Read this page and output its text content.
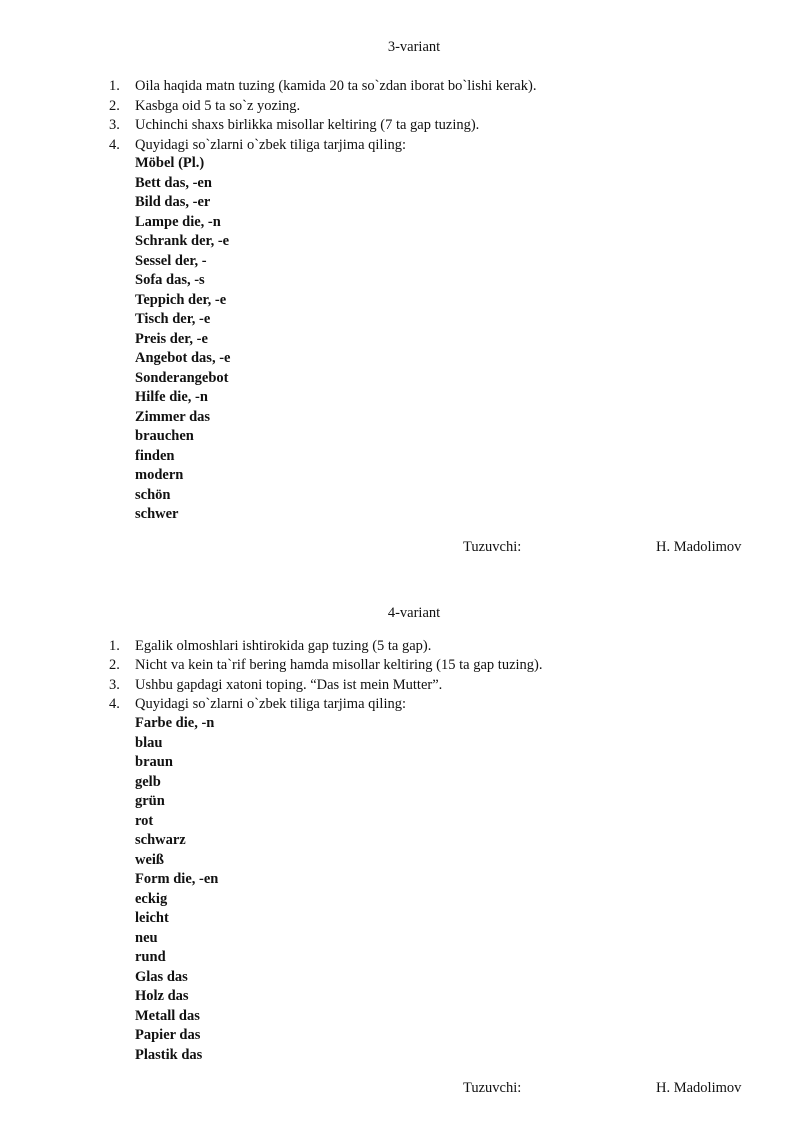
3-variant
1. Oila haqida matn tuzing (kamida 20 ta so`zdan iborat bo`lishi kerak).
2. Kasbga oid 5 ta so`z yozing.
3. Uchinchi shaxs birlikka misollar keltiring (7 ta gap tuzing).
4. Quyidagi so`zlarni o`zbek tiliga tarjima qiling:
Möbel (Pl.)
Bett das, -en
Bild das, -er
Lampe die, -n
Schrank der, -e
Sessel der, -
Sofa das, -s
Teppich der, -e
Tisch der, -e
Preis der, -e
Angebot das, -e
Sonderangebot
Hilfe die, -n
Zimmer das
brauchen
finden
modern
schön
schwer
Tuzuvchi:	H. Madolimov
4-variant
1. Egalik olmoshlari ishtirokida gap tuzing (5 ta gap).
2. Nicht va kein ta`rif bering hamda misollar keltiring (15 ta gap tuzing).
3. Ushbu gapdagi xatoni toping. “Das ist mein Mutter”.
4. Quyidagi so`zlarni o`zbek tiliga tarjima qiling:
Farbe die, -n
blau
braun
gelb
grün
rot
schwarz
weiß
Form die, -en
eckig
leicht
neu
rund
Glas das
Holz das
Metall das
Papier das
Plastik das
Tuzuvchi:	H. Madolimov
